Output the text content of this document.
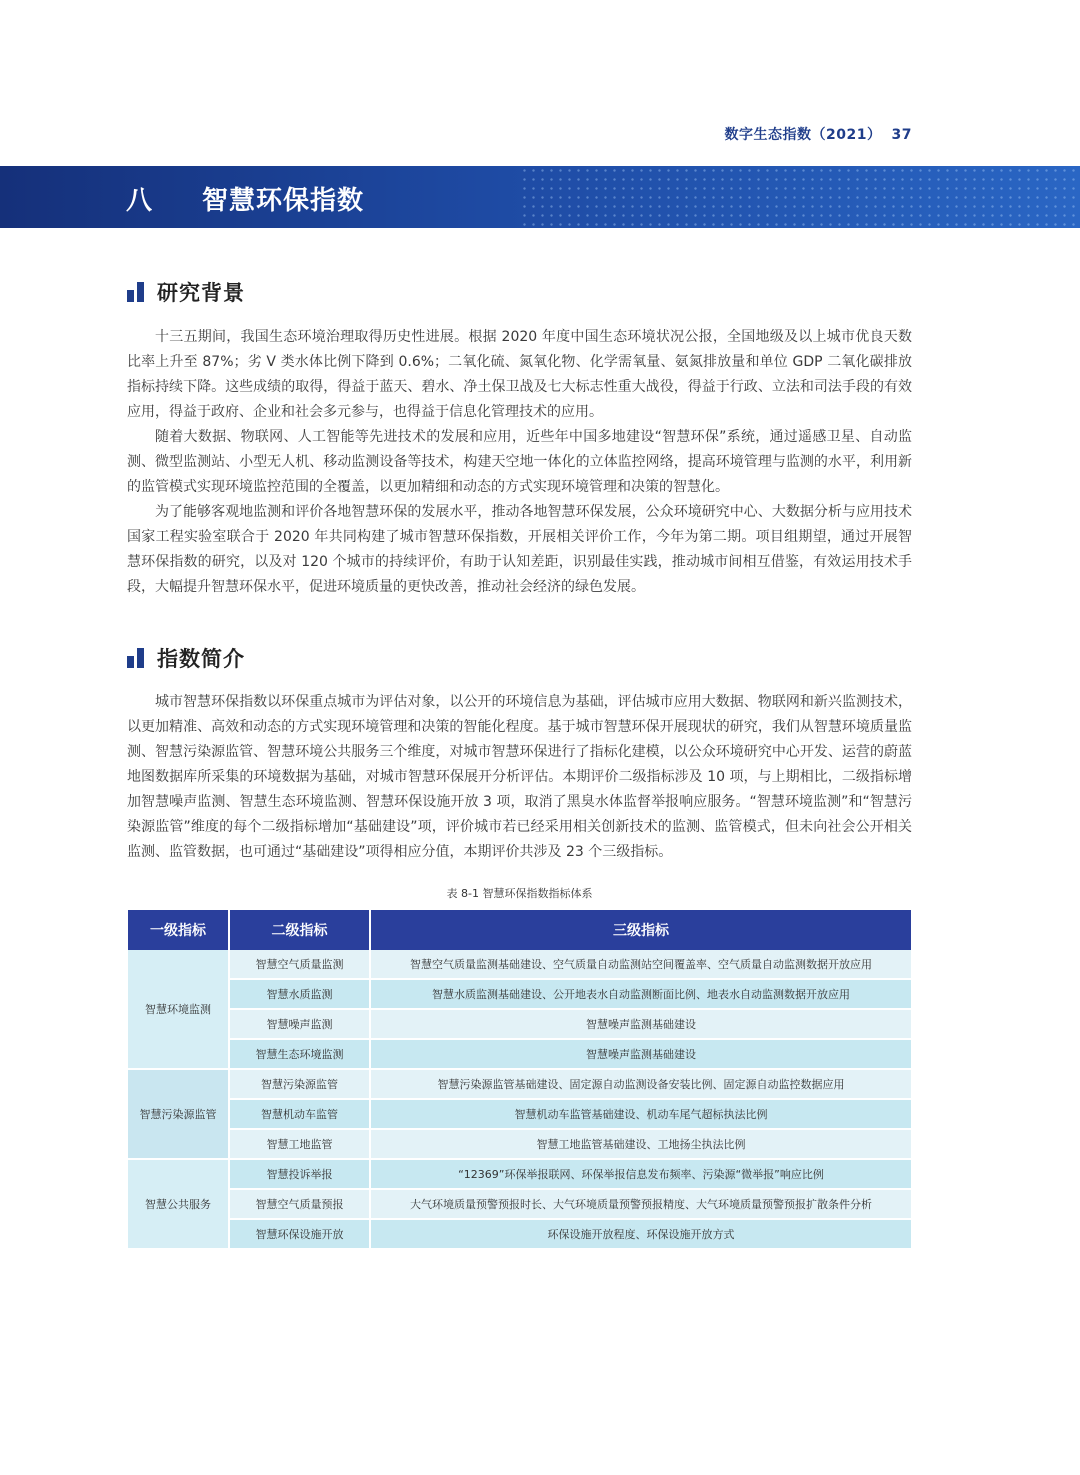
数字生态指数（2021） 37
八 智慧环保指数
研究背景

十三五期间，我国生态环境治理取得历史性进展。根据 2020 年度中国生态环境状况公报，全国地级及以上城市优良天数比率上升至 87%；劣 V 类水体比例下降到 0.6%；二氧化硫、氮氧化物、化学需氧量、氨氮排放量和单位 GDP 二氧化碳排放指标持续下降。这些成绩的取得，得益于蓝天、碧水、净土保卫战及七大标志性重大战役，得益于行政、立法和司法手段的有效应用，得益于政府、企业和社会多元参与，也得益于信息化管理技术的应用。

随着大数据、物联网、人工智能等先进技术的发展和应用，近些年中国多地建设“智慧环保”系统，通过遥感卫星、自动监测、微型监测站、小型无人机、移动监测设备等技术，构建天空地一体化的立体监控网络，提高环境管理与监测的水平，利用新的监管模式实现环境监控范围的全覆盖，以更加精细和动态的方式实现环境管理和决策的智慧化。

为了能够客观地监测和评价各地智慧环保的发展水平，推动各地智慧环保发展，公众环境研究中心、大数据分析与应用技术国家工程实验室联合于 2020 年共同构建了城市智慧环保指数，开展相关评价工作，今年为第二期。项目组期望，通过开展智慧环保指数的研究，以及对 120 个城市的持续评价，有助于认知差距，识别最佳实践，推动城市间相互借鉴，有效运用技术手段，大幅提升智慧环保水平，促进环境质量的更快改善，推动社会经济的绿色发展。

指数简介

城市智慧环保指数以环保重点城市为评估对象，以公开的环境信息为基础，评估城市应用大数据、物联网和新兴监测技术，以更加精准、高效和动态的方式实现环境管理和决策的智能化程度。基于城市智慧环保开展现状的研究，我们从智慧环境质量监测、智慧污染源监管、智慧环境公共服务三个维度，对城市智慧环保进行了指标化建模，以公众环境研究中心开发、运营的蔚蓝地图数据库所采集的环境数据为基础，对城市智慧环保展开分析评估。本期评价二级指标涉及 10 项，与上期相比，二级指标增加智慧噪声监测、智慧生态环境监测、智慧环保设施开放 3 项，取消了黑臭水体监督举报响应服务。“智慧环境监测”和“智慧污染源监管”维度的每个二级指标增加“基础建设”项，评价城市若已经采用相关创新技术的监测、监管模式，但未向社会公开相关监测、监管数据，也可通过“基础建设”项得相应分值，本期评价共涉及 23 个三级指标。

表 8-1 智慧环保指数指标体系
一级指标	二级指标	三级指标
智慧环境监测	智慧空气质量监测	智慧空气质量监测基础建设、空气质量自动监测站空间覆盖率、空气质量自动监测数据开放应用
	智慧水质监测	智慧水质监测基础建设、公开地表水自动监测断面比例、地表水自动监测数据开放应用
	智慧噪声监测	智慧噪声监测基础建设
	智慧生态环境监测	智慧噪声监测基础建设
智慧污染源监管	智慧污染源监管	智慧污染源监管基础建设、固定源自动监测设备安装比例、固定源自动监控数据应用
	智慧机动车监管	智慧机动车监管基础建设、机动车尾气超标执法比例
	智慧工地监管	智慧工地监管基础建设、工地扬尘执法比例
智慧公共服务	智慧投诉举报	“12369”环保举报联网、环保举报信息发布频率、污染源“微举报”响应比例
	智慧空气质量预报	大气环境质量预警预报时长、大气环境质量预警预报精度、大气环境质量预警预报扩散条件分析
	智慧环保设施开放	环保设施开放程度、环保设施开放方式
